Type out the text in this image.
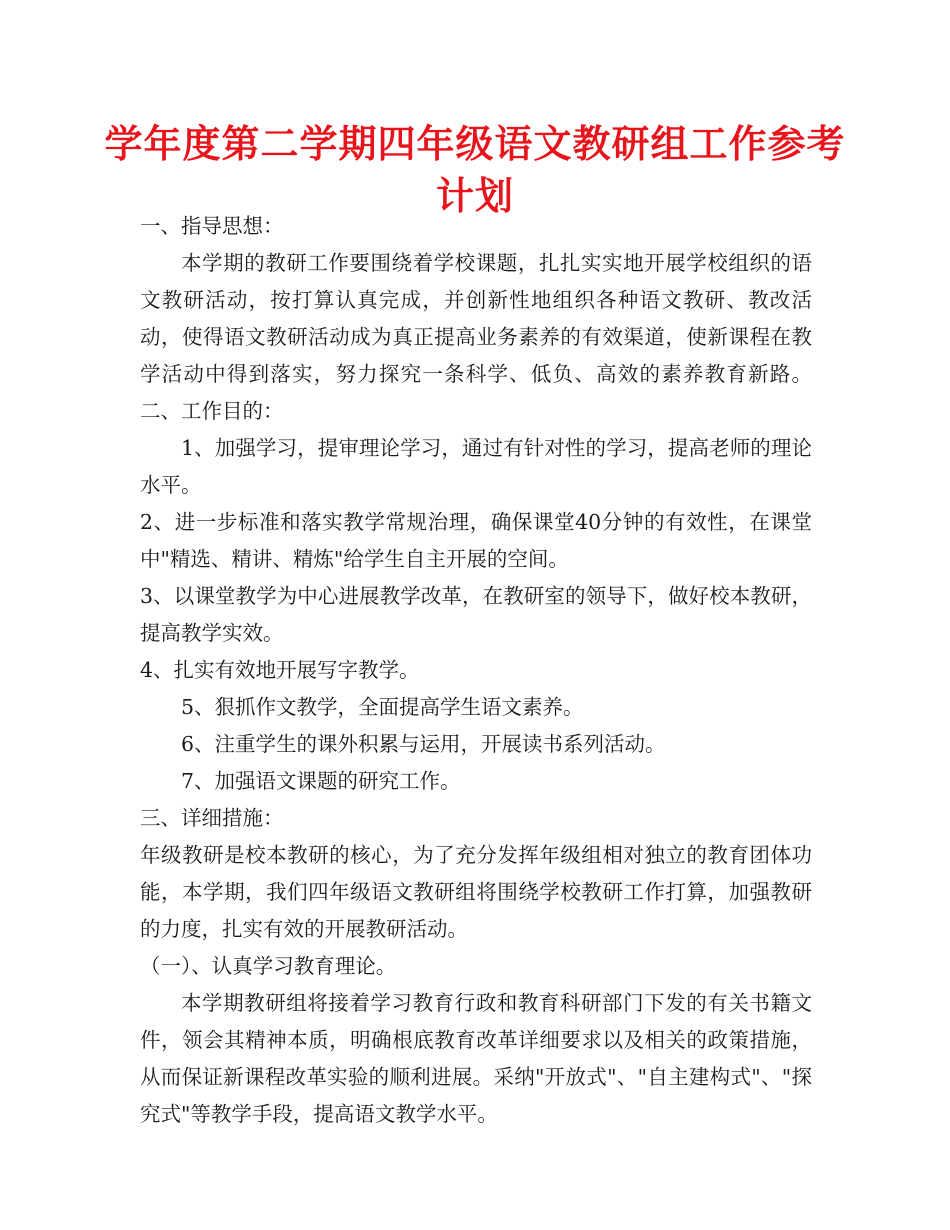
学年度第二学期四年级语文教研组工作参考计划

一、指导思想：

本学期的教研工作要围绕着学校课题，扎扎实实地开展学校组织的语文教研活动，按打算认真完成，并创新性地组织各种语文教研、教改活动，使得语文教研活动成为真正提高业务素养的有效渠道，使新课程在教学活动中得到落实，努力探究一条科学、低负、高效的素养教育新路。二、工作目的：

1、加强学习，提审理论学习，通过有针对性的学习，提高老师的理论水平。

2、进一步标准和落实教学常规治理，确保课堂40分钟的有效性，在课堂中"精选、精讲、精炼"给学生自主开展的空间。

3、以课堂教学为中心进展教学改革，在教研室的领导下，做好校本教研，提高教学实效。

4、扎实有效地开展写字教学。

5、狠抓作文教学，全面提高学生语文素养。

6、注重学生的课外积累与运用，开展读书系列活动。

7、加强语文课题的研究工作。

三、详细措施：

年级教研是校本教研的核心，为了充分发挥年级组相对独立的教育团体功能，本学期，我们四年级语文教研组将围绕学校教研工作打算，加强教研的力度，扎实有效的开展教研活动。

（一）、认真学习教育理论。

本学期教研组将接着学习教育行政和教育科研部门下发的有关书籍文件，领会其精神本质，明确根底教育改革详细要求以及相关的政策措施，从而保证新课程改革实验的顺利进展。采纳"开放式"、"自主建构式"、"探究式"等教学手段，提高语文教学水平。
